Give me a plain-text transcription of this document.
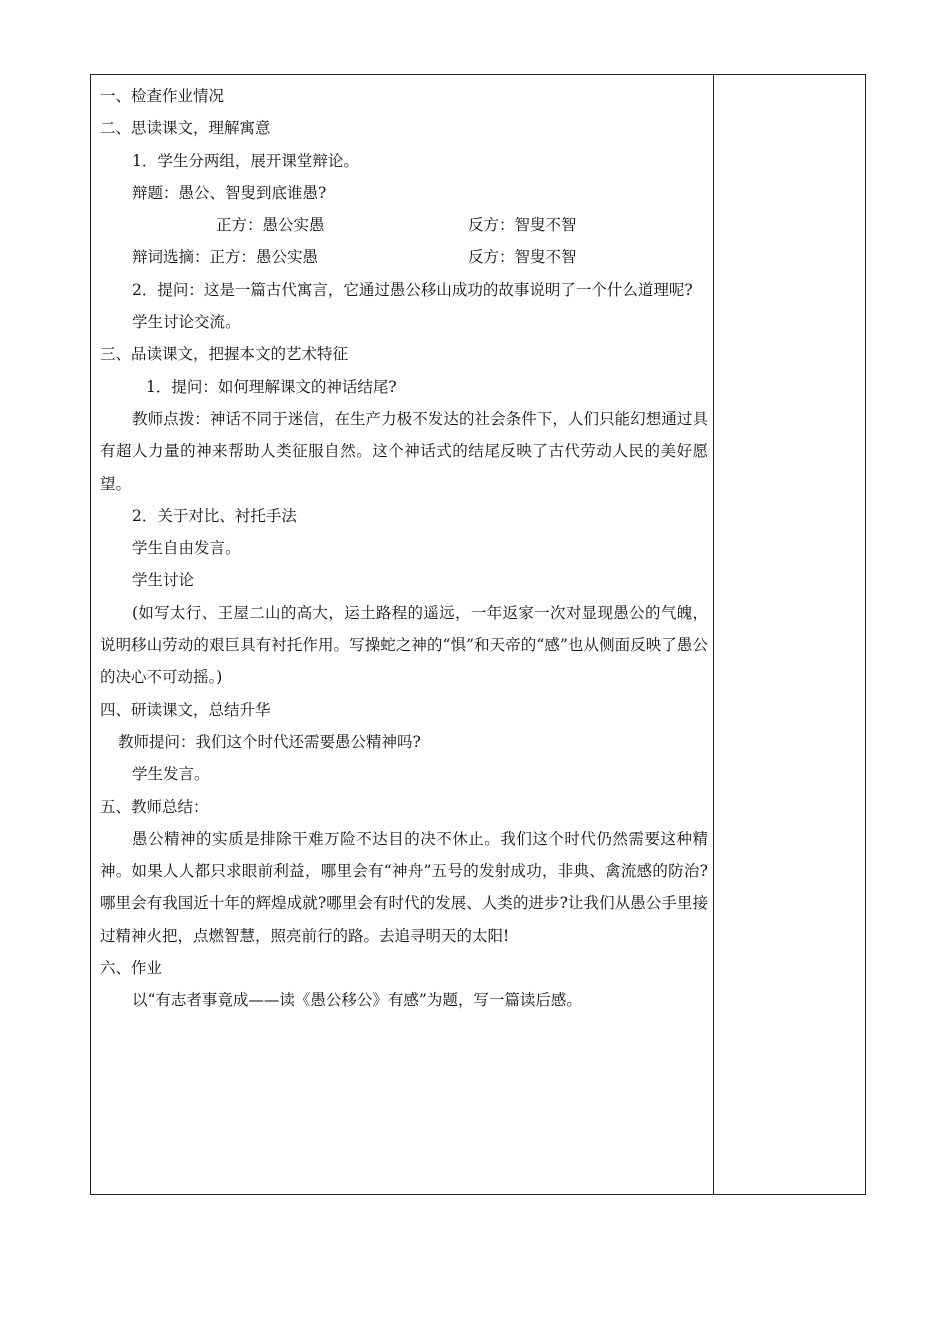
一、检查作业情况
二、思读课文，理解寓意
1．学生分两组，展开课堂辩论。
辩题：愚公、智叟到底谁愚?
正方：愚公实愚	反方：智叟不智
辩词选摘：正方：愚公实愚	反方：智叟不智
2．提问：这是一篇古代寓言，它通过愚公移山成功的故事说明了一个什么道理呢?
学生讨论交流。
三、品读课文，把握本文的艺术特征
1．提问：如何理解课文的神话结尾?
教师点拨：神话不同于迷信，在生产力极不发达的社会条件下，人们只能幻想通过具有超人力量的神来帮助人类征服自然。这个神话式的结尾反映了古代劳动人民的美好愿望。
2．关于对比、衬托手法
学生自由发言。
学生讨论
(如写太行、王屋二山的高大，运土路程的遥远，一年返家一次对显现愚公的气魄，说明移山劳动的艰巨具有衬托作用。写操蛇之神的“惧”和天帝的“感”也从侧面反映了愚公的决心不可动摇。)
四、研读课文，总结升华
教师提问：我们这个时代还需要愚公精神吗?
学生发言。
五、教师总结：
愚公精神的实质是排除干难万险不达目的决不休止。我们这个时代仍然需要这种精神。如果人人都只求眼前利益，哪里会有“神舟”五号的发射成功，非典、禽流感的防治?哪里会有我国近十年的辉煌成就?哪里会有时代的发展、人类的进步?让我们从愚公手里接过精神火把，点燃智慧，照亮前行的路。去追寻明天的太阳!
六、作业
以“有志者事竟成——读《愚公移公》有感”为题，写一篇读后感。
